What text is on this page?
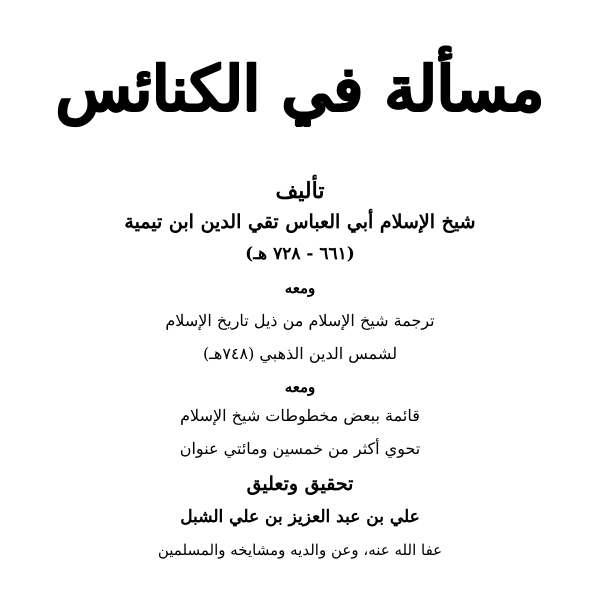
مسألة في الكنائس
تأليف
شيخ الإسلام أبي العباس تقي الدين ابن تيمية
(٦٦١ - ٧٢٨ هـ)
ومعه
ترجمة شيخ الإسلام من ذيل تاريخ الإسلام
لشمس الدين الذهبي (٧٤٨هـ)
ومعه
قائمة ببعض مخطوطات شيخ الإسلام
تحوي أكثر من خمسين ومائتي عنوان
تحقيق وتعليق
علي بن عبد العزيز بن علي الشبل
عفا الله عنه، وعن والديه ومشايخه والمسلمين
